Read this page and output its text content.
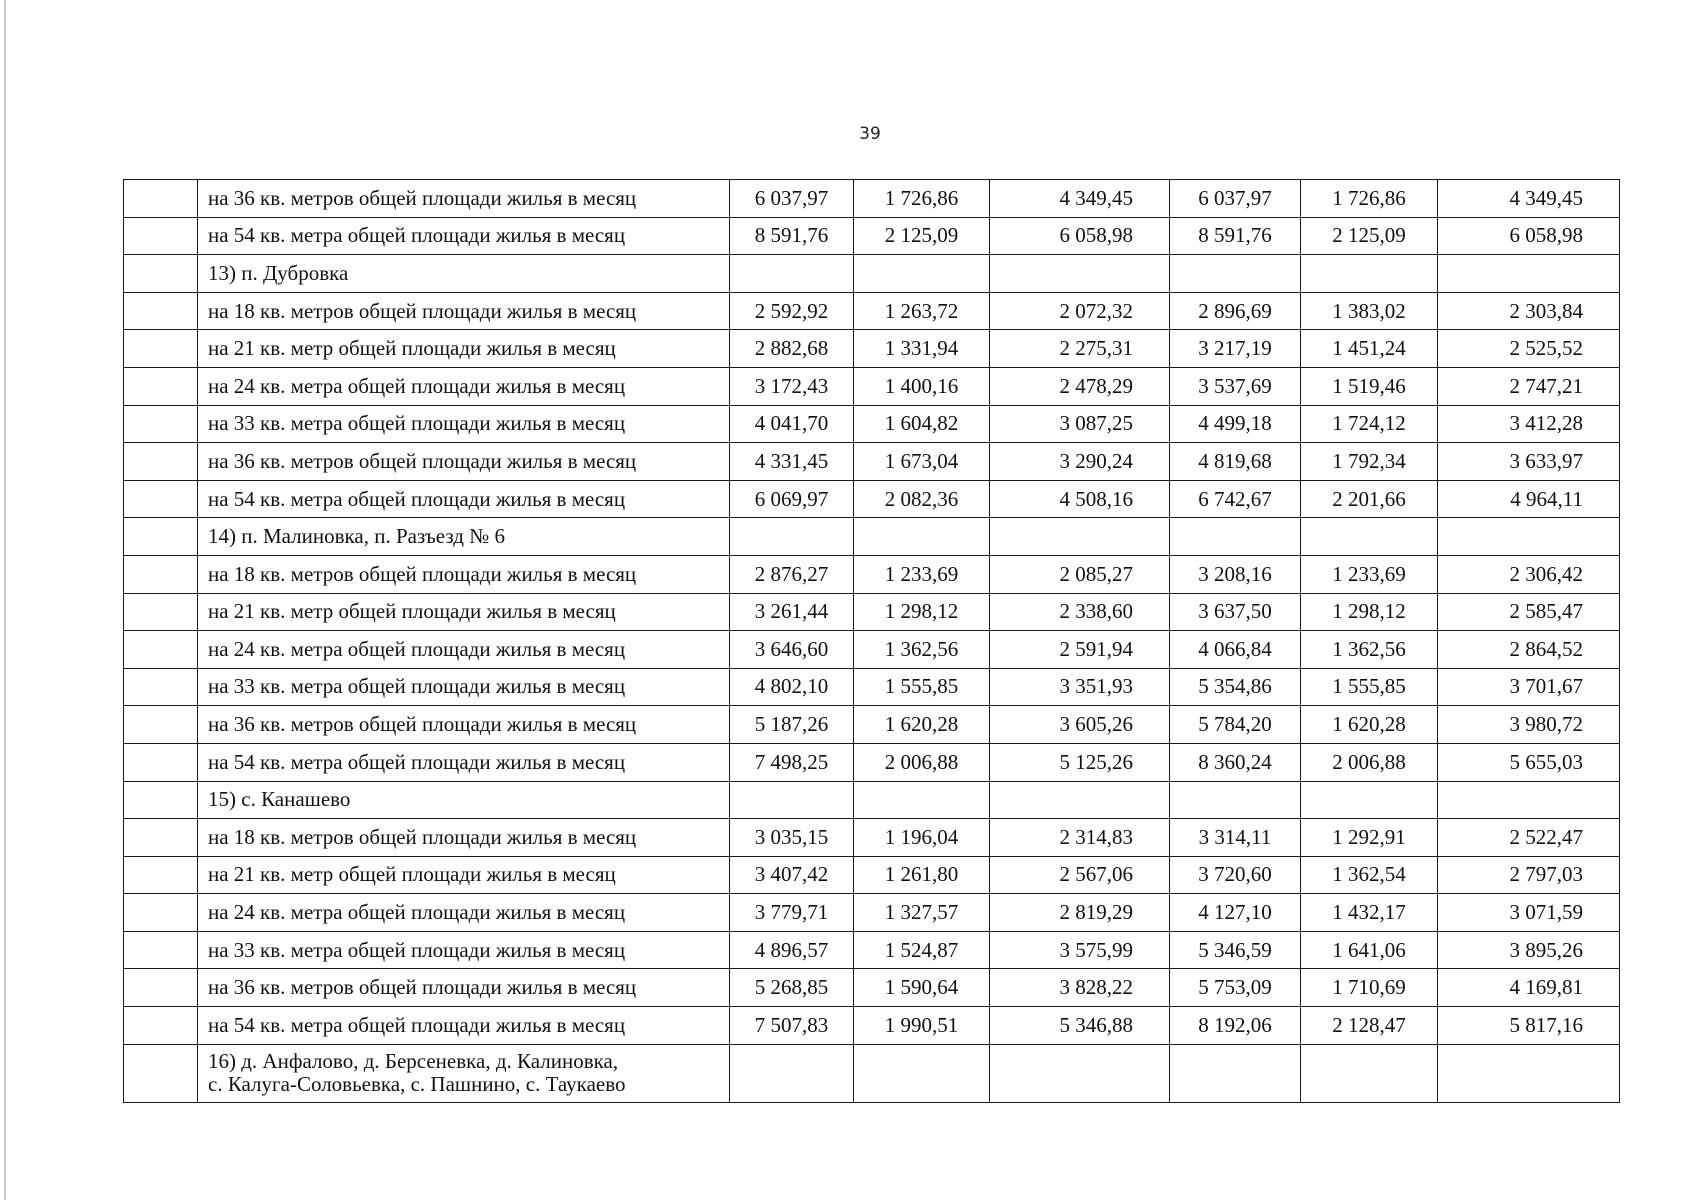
39
	на 36 кв. метров общей площади жилья в месяц	6 037,97	1 726,86	4 349,45	6 037,97	1 726,86	4 349,45
	на 54 кв. метра общей площади жилья в месяц	8 591,76	2 125,09	6 058,98	8 591,76	2 125,09	6 058,98
	13) п. Дубровка						
	на 18 кв. метров общей площади жилья в месяц	2 592,92	1 263,72	2 072,32	2 896,69	1 383,02	2 303,84
	на 21 кв. метр общей площади жилья в месяц	2 882,68	1 331,94	2 275,31	3 217,19	1 451,24	2 525,52
	на 24 кв. метра общей площади жилья в месяц	3 172,43	1 400,16	2 478,29	3 537,69	1 519,46	2 747,21
	на 33 кв. метра общей площади жилья в месяц	4 041,70	1 604,82	3 087,25	4 499,18	1 724,12	3 412,28
	на 36 кв. метров общей площади жилья в месяц	4 331,45	1 673,04	3 290,24	4 819,68	1 792,34	3 633,97
	на 54 кв. метра общей площади жилья в месяц	6 069,97	2 082,36	4 508,16	6 742,67	2 201,66	4 964,11
	14) п. Малиновка, п. Разъезд № 6						
	на 18 кв. метров общей площади жилья в месяц	2 876,27	1 233,69	2 085,27	3 208,16	1 233,69	2 306,42
	на 21 кв. метр общей площади жилья в месяц	3 261,44	1 298,12	2 338,60	3 637,50	1 298,12	2 585,47
	на 24 кв. метра общей площади жилья в месяц	3 646,60	1 362,56	2 591,94	4 066,84	1 362,56	2 864,52
	на 33 кв. метра общей площади жилья в месяц	4 802,10	1 555,85	3 351,93	5 354,86	1 555,85	3 701,67
	на 36 кв. метров общей площади жилья в месяц	5 187,26	1 620,28	3 605,26	5 784,20	1 620,28	3 980,72
	на 54 кв. метра общей площади жилья в месяц	7 498,25	2 006,88	5 125,26	8 360,24	2 006,88	5 655,03
	15) с. Канашево						
	на 18 кв. метров общей площади жилья в месяц	3 035,15	1 196,04	2 314,83	3 314,11	1 292,91	2 522,47
	на 21 кв. метр общей площади жилья в месяц	3 407,42	1 261,80	2 567,06	3 720,60	1 362,54	2 797,03
	на 24 кв. метра общей площади жилья в месяц	3 779,71	1 327,57	2 819,29	4 127,10	1 432,17	3 071,59
	на 33 кв. метра общей площади жилья в месяц	4 896,57	1 524,87	3 575,99	5 346,59	1 641,06	3 895,26
	на 36 кв. метров общей площади жилья в месяц	5 268,85	1 590,64	3 828,22	5 753,09	1 710,69	4 169,81
	на 54 кв. метра общей площади жилья в месяц	7 507,83	1 990,51	5 346,88	8 192,06	2 128,47	5 817,16

	16) д. Анфалово, д. Берсеневка, д. Калиновка,
с. Калуга-Соловьевка, с. Пашнино, с. Таукаево						
